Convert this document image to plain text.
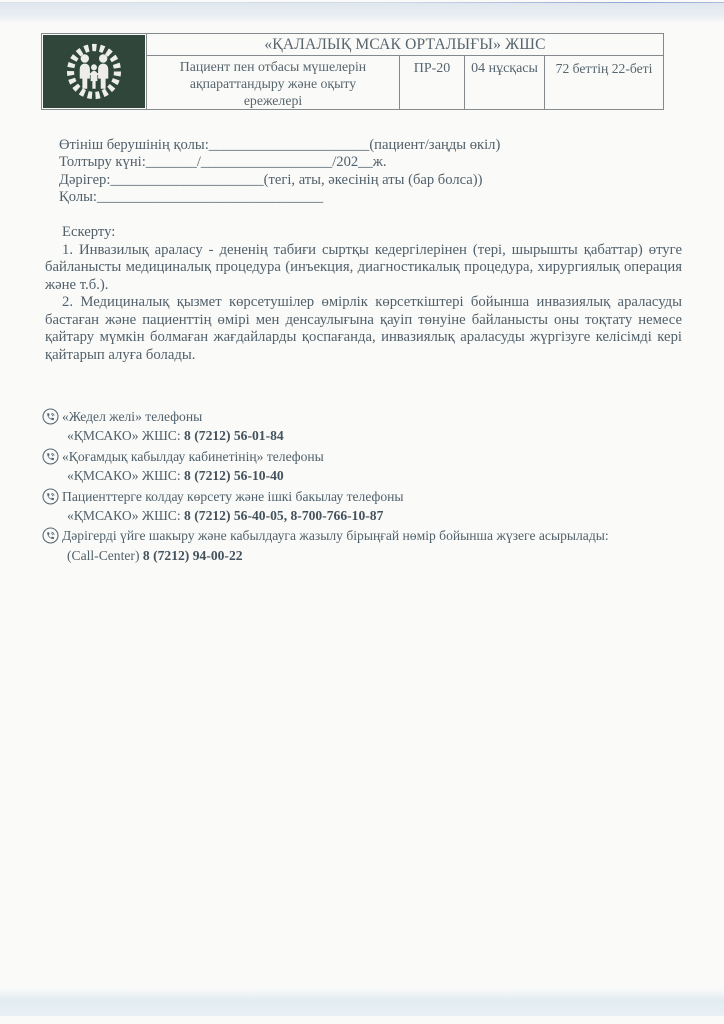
«ҚАЛАЛЫҚ МСАК ОРТАЛЫҒЫ» ЖШС
Пациент пен отбасы мүшелерін ақпараттандыру және оқыту ережелері
ПР-20	04 нұсқасы	72 беттің 22-беті
Өтініш берушінің қолы:______________________(пациент/заңды өкіл)
Толтыру күні:_______/__________________/202__ж.
Дәрігер:_____________________(тегі, аты, әкесінің аты (бар болса))
Қолы:_______________________________
Ескерту:

1. Инвазилық араласу - дененің табиғи сыртқы кедергілерінен (тері, шырышты қабаттар) өтуге байланысты медициналық процедура (инъекция, диагностикалық процедура, хирургиялық операция және т.б.).

2. Медициналық қызмет көрсетушілер өмірлік көрсеткіштері бойынша инвазиялық араласуды бастаған және пациенттің өмірі мен денсаулығына қауіп төнуіне байланысты оны тоқтату немесе қайтару мүмкін болмаған жағдайларды қоспағанда, инвазиялық араласуды жүргізуге келісімді кері қайтарып алуға болады.

«Жедел желі» телефоны
«ҚМСАКО» ЖШС: 8 (7212) 56-01-84
«Қоғамдық кабылдау кабинетінің» телефоны
«ҚМСАКО» ЖШС: 8 (7212) 56-10-40
Пациенттерге колдау көрсету және ішкі бакылау телефоны
«ҚМСАКО» ЖШС: 8 (7212) 56-40-05, 8-700-766-10-87
Дәрігерді үйге шакыру және кабылдауга жазылу бірыңғай нөмір бойынша жүзеге асырылады:
(Call-Center) 8 (7212) 94-00-22
